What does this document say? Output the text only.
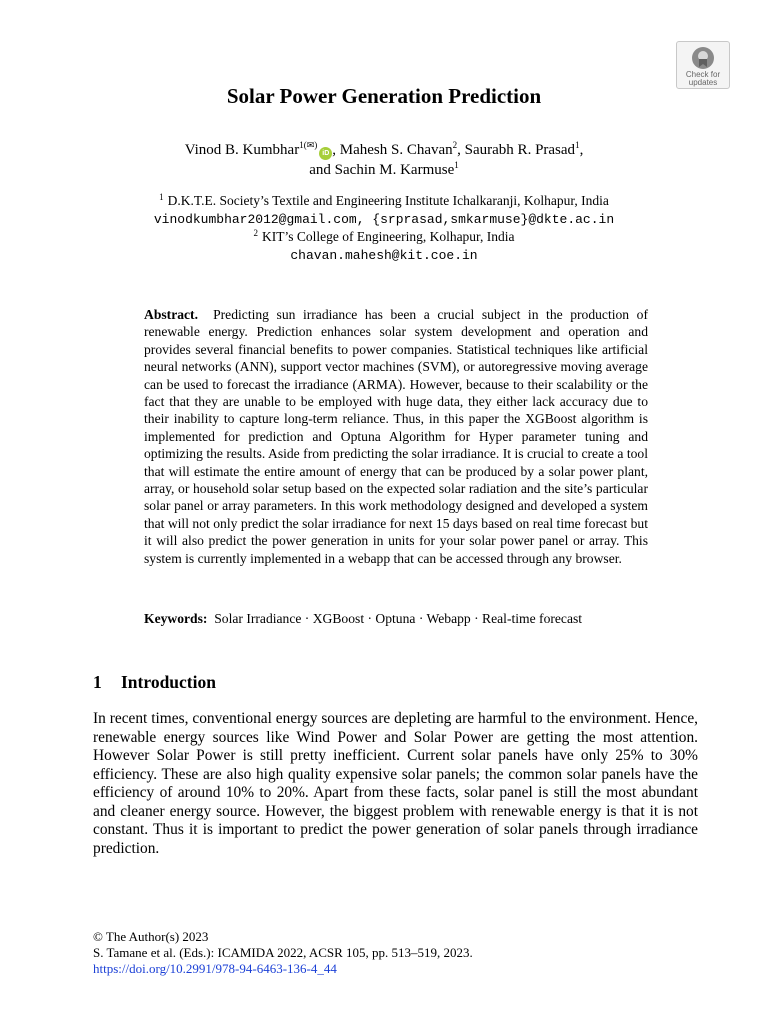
Check for updates
Solar Power Generation Prediction
Vinod B. Kumbhar$^{1(✉)}$iD , Mahesh S. Chavan$^2$, Saurabh R. Prasad$^1$,
and Sachin M. Karmuse$^1$
$^1$ D.K.T.E. Society’s Textile and Engineering Institute Ichalkaranji, Kolhapur, India
vinodkumbhar2012@gmail.com, {srprasad,smkarmuse}@dkte.ac.in
$^2$ KIT’s College of Engineering, Kolhapur, India
chavan.mahesh@kit.coe.in
Abstract. Predicting sun irradiance has been a crucial subject in the production of renewable energy. Prediction enhances solar system development and operation and provides several financial benefits to power companies. Statistical techniques like artificial neural networks (ANN), support vector machines (SVM), or autoregressive moving average can be used to forecast the irradiance (ARMA). However, because to their scalability or the fact that they are unable to be employed with huge data, they either lack accuracy due to their inability to capture long-term reliance. Thus, in this paper the XGBoost algorithm is implemented for prediction and Optuna Algorithm for Hyper parameter tuning and optimizing the results. Aside from predicting the solar irradiance. It is crucial to create a tool that will estimate the entire amount of energy that can be produced by a solar power plant, array, or household solar setup based on the expected solar radiation and the site’s particular solar panel or array parameters. In this work methodology designed and developed a system that will not only predict the solar irradiance for next 15 days based on real time forecast but it will also predict the power generation in units for your solar power panel or array. This system is currently implemented in a webapp that can be accessed through any browser.
Keywords: Solar Irradiance · XGBoost · Optuna · Webapp · Real-time forecast
1 Introduction
In recent times, conventional energy sources are depleting are harmful to the environment. Hence, renewable energy sources like Wind Power and Solar Power are getting the most attention. However Solar Power is still pretty inefficient. Current solar panels have only 25% to 30% efficiency. These are also high quality expensive solar panels; the common solar panels have the efficiency of around 10% to 20%. Apart from these facts, solar panel is still the most abundant and cleaner energy source. However, the biggest problem with renewable energy is that it is not constant. Thus it is important to predict the power generation of solar panels through irradiance prediction.
© The Author(s) 2023
S. Tamane et al. (Eds.): ICAMIDA 2022, ACSR 105, pp. 513–519, 2023.
https://doi.org/10.2991/978-94-6463-136-4_44
